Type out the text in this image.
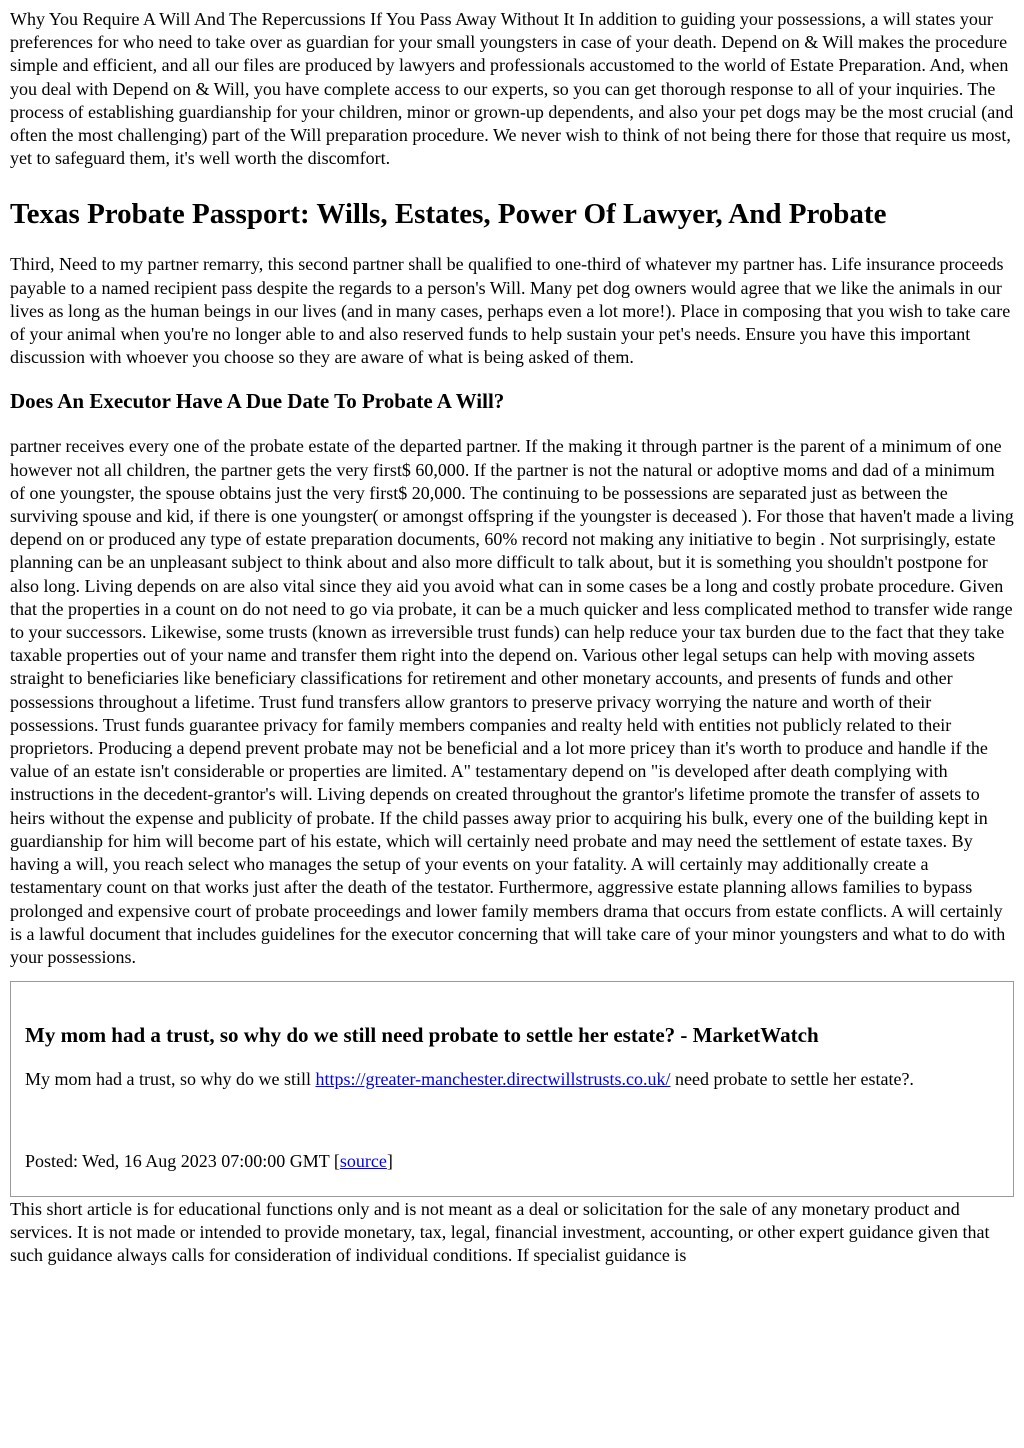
Why You Require A Will And The Repercussions If You Pass Away Without It In addition to guiding your possessions, a will states your preferences for who need to take over as guardian for your small youngsters in case of your death. Depend on & Will makes the procedure simple and efficient, and all our files are produced by lawyers and professionals accustomed to the world of Estate Preparation. And, when you deal with Depend on & Will, you have complete access to our experts, so you can get thorough response to all of your inquiries. The process of establishing guardianship for your children, minor or grown-up dependents, and also your pet dogs may be the most crucial (and often the most challenging) part of the Will preparation procedure. We never wish to think of not being there for those that require us most, yet to safeguard them, it's well worth the discomfort.

Texas Probate Passport: Wills, Estates, Power Of Lawyer, And Probate

Third, Need to my partner remarry, this second partner shall be qualified to one-third of whatever my partner has. Life insurance proceeds payable to a named recipient pass despite the regards to a person's Will. Many pet dog owners would agree that we like the animals in our lives as long as the human beings in our lives (and in many cases, perhaps even a lot more!). Place in composing that you wish to take care of your animal when you're no longer able to and also reserved funds to help sustain your pet's needs. Ensure you have this important discussion with whoever you choose so they are aware of what is being asked of them.

Does An Executor Have A Due Date To Probate A Will?

partner receives every one of the probate estate of the departed partner. If the making it through partner is the parent of a minimum of one however not all children, the partner gets the very first$ 60,000. If the partner is not the natural or adoptive moms and dad of a minimum of one youngster, the spouse obtains just the very first$ 20,000. The continuing to be possessions are separated just as between the surviving spouse and kid, if there is one youngster( or amongst offspring if the youngster is deceased ). For those that haven't made a living depend on or produced any type of estate preparation documents, 60% record not making any initiative to begin . Not surprisingly, estate planning can be an unpleasant subject to think about and also more difficult to talk about, but it is something you shouldn't postpone for also long. Living depends on are also vital since they aid you avoid what can in some cases be a long and costly probate procedure. Given that the properties in a count on do not need to go via probate, it can be a much quicker and less complicated method to transfer wide range to your successors. Likewise, some trusts (known as irreversible trust funds) can help reduce your tax burden due to the fact that they take taxable properties out of your name and transfer them right into the depend on. Various other legal setups can help with moving assets straight to beneficiaries like beneficiary classifications for retirement and other monetary accounts, and presents of funds and other possessions throughout a lifetime. Trust fund transfers allow grantors to preserve privacy worrying the nature and worth of their possessions. Trust funds guarantee privacy for family members companies and realty held with entities not publicly related to their proprietors. Producing a depend prevent probate may not be beneficial and a lot more pricey than it's worth to produce and handle if the value of an estate isn't considerable or properties are limited. A" testamentary depend on "is developed after death complying with instructions in the decedent-grantor's will. Living depends on created throughout the grantor's lifetime promote the transfer of assets to heirs without the expense and publicity of probate. If the child passes away prior to acquiring his bulk, every one of the building kept in guardianship for him will become part of his estate, which will certainly need probate and may need the settlement of estate taxes. By having a will, you reach select who manages the setup of your events on your fatality. A will certainly may additionally create a testamentary count on that works just after the death of the testator. Furthermore, aggressive estate planning allows families to bypass prolonged and expensive court of probate proceedings and lower family members drama that occurs from estate conflicts. A will certainly is a lawful document that includes guidelines for the executor concerning that will take care of your minor youngsters and what to do with your possessions.

My mom had a trust, so why do we still need probate to settle her estate? - MarketWatch

My mom had a trust, so why do we still https://greater-manchester.directwillstrusts.co.uk/ need probate to settle her estate?.

Posted: Wed, 16 Aug 2023 07:00:00 GMT [source]

This short article is for educational functions only and is not meant as a deal or solicitation for the sale of any monetary product and services. It is not made or intended to provide monetary, tax, legal, financial investment, accounting, or other expert guidance given that such guidance always calls for consideration of individual conditions. If specialist guidance is
